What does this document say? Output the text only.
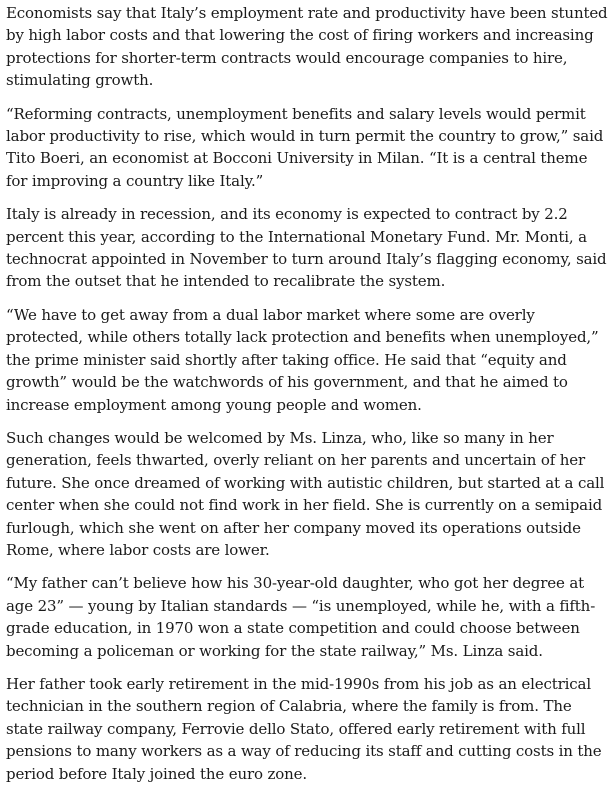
Economists say that Italy’s employment rate and productivity have been stunted by high labor costs and that lowering the cost of firing workers and increasing protections for shorter-term contracts would encourage companies to hire, stimulating growth.

“Reforming contracts, unemployment benefits and salary levels would permit labor productivity to rise, which would in turn permit the country to grow,” said Tito Boeri, an economist at Bocconi University in Milan. “It is a central theme for improving a country like Italy.”

Italy is already in recession, and its economy is expected to contract by 2.2 percent this year, according to the International Monetary Fund. Mr. Monti, a technocrat appointed in November to turn around Italy’s flagging economy, said from the outset that he intended to recalibrate the system.

“We have to get away from a dual labor market where some are overly protected, while others totally lack protection and benefits when unemployed,” the prime minister said shortly after taking office. He said that “equity and growth” would be the watchwords of his government, and that he aimed to increase employment among young people and women.

Such changes would be welcomed by Ms. Linza, who, like so many in her generation, feels thwarted, overly reliant on her parents and uncertain of her future. She once dreamed of working with autistic children, but started at a call center when she could not find work in her field. She is currently on a semipaid furlough, which she went on after her company moved its operations outside Rome, where labor costs are lower.

“My father can’t believe how his 30-year-old daughter, who got her degree at age 23” — young by Italian standards — “is unemployed, while he, with a fifth-grade education, in 1970 won a state competition and could choose between becoming a policeman or working for the state railway,” Ms. Linza said.

Her father took early retirement in the mid-1990s from his job as an electrical technician in the southern region of Calabria, where the family is from. The state railway company, Ferrovie dello Stato, offered early retirement with full pensions to many workers as a way of reducing its staff and cutting costs in the period before Italy joined the euro zone.
